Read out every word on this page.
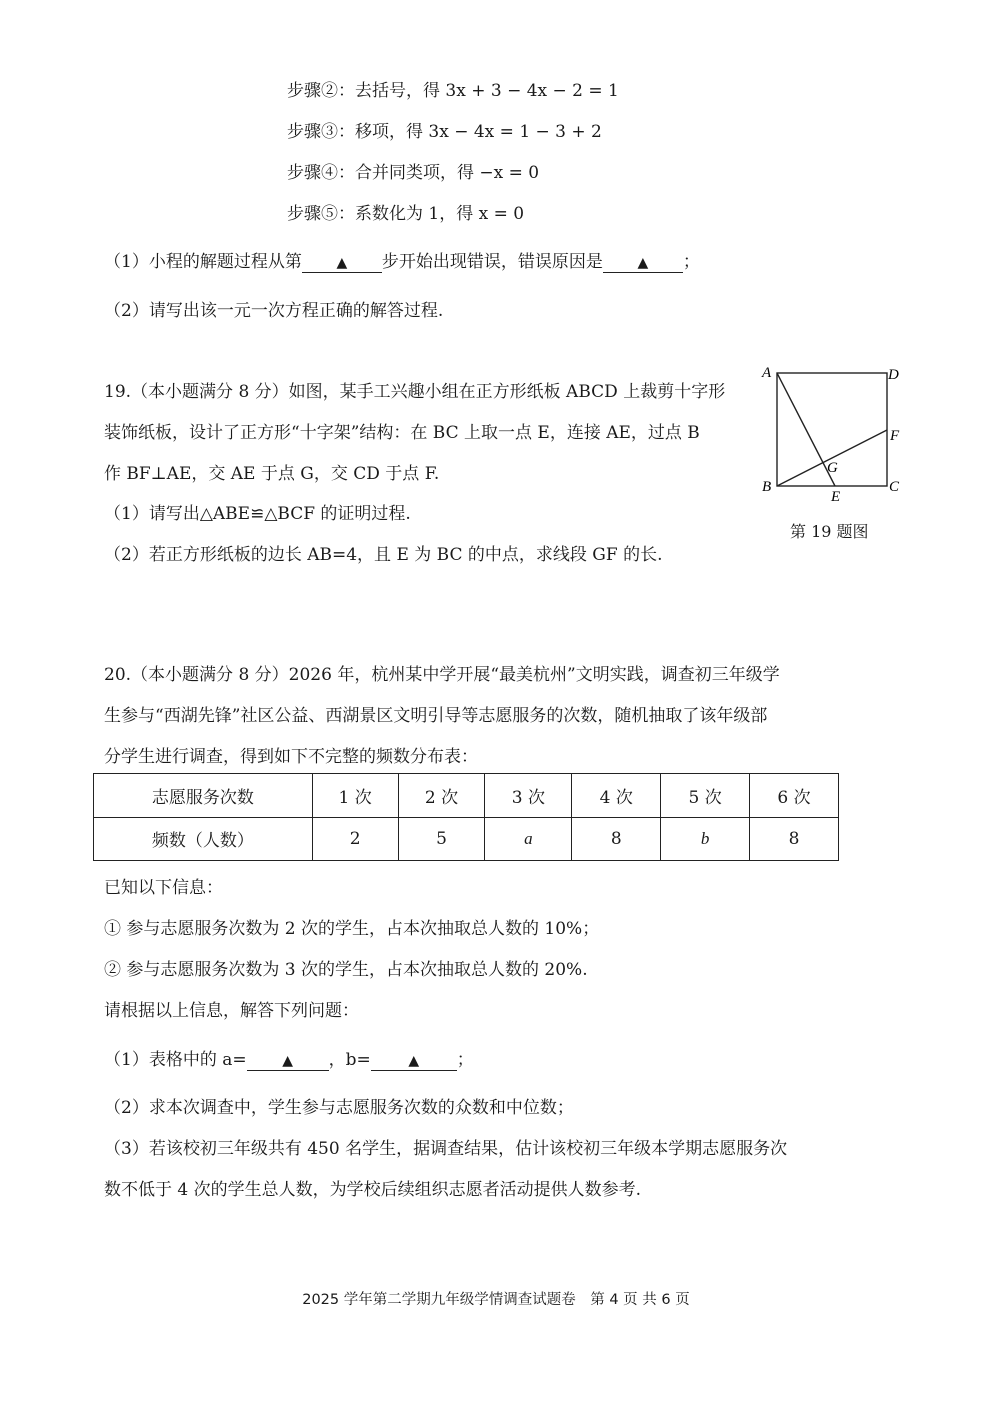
步骤②：去括号，得 3x + 3 − 4x − 2 = 1
步骤③：移项，得 3x − 4x = 1 − 3 + 2
步骤④：合并同类项，得 −x = 0
步骤⑤：系数化为 1，得 x = 0
（1）小程的解题过程从第 ▲ 步开始出现错误，错误原因是 ▲ ；
（2）请写出该一元一次方程正确的解答过程.
19.（本小题满分 8 分）如图，某手工兴趣小组在正方形纸板 ABCD 上裁剪十字形
装饰纸板，设计了正方形“十字架”结构：在 BC 上取一点 E，连接 AE，过点 B
作 BF⊥AE，交 AE 于点 G，交 CD 于点 F.
（1）请写出△ABE≌△BCF 的证明过程.
（2）若正方形纸板的边长 AB=4，且 E 为 BC 的中点，求线段 GF 的长.
A	D
F
G
B
E
C
第 19 题图
20.（本小题满分 8 分）2026 年，杭州某中学开展“最美杭州”文明实践，调查初三年级学
生参与“西湖先锋”社区公益、西湖景区文明引导等志愿服务的次数，随机抽取了该年级部
分学生进行调查，得到如下不完整的频数分布表：
志愿服务次数	1 次	2 次	3 次	4 次	5 次	6 次
频数（人数）	2	5	a	8	b	8
已知以下信息：
① 参与志愿服务次数为 2 次的学生，占本次抽取总人数的 10%；
② 参与志愿服务次数为 3 次的学生，占本次抽取总人数的 20%.
请根据以上信息，解答下列问题：
（1）表格中的 a=	▲ ，b=	▲ ；
（2）求本次调查中，学生参与志愿服务次数的众数和中位数；
（3）若该校初三年级共有 450 名学生，据调查结果，估计该校初三年级本学期志愿服务次
数不低于 4 次的学生总人数，为学校后续组织志愿者活动提供人数参考.
2025 学年第二学期九年级学情调查试题卷　第 4 页 共 6 页
